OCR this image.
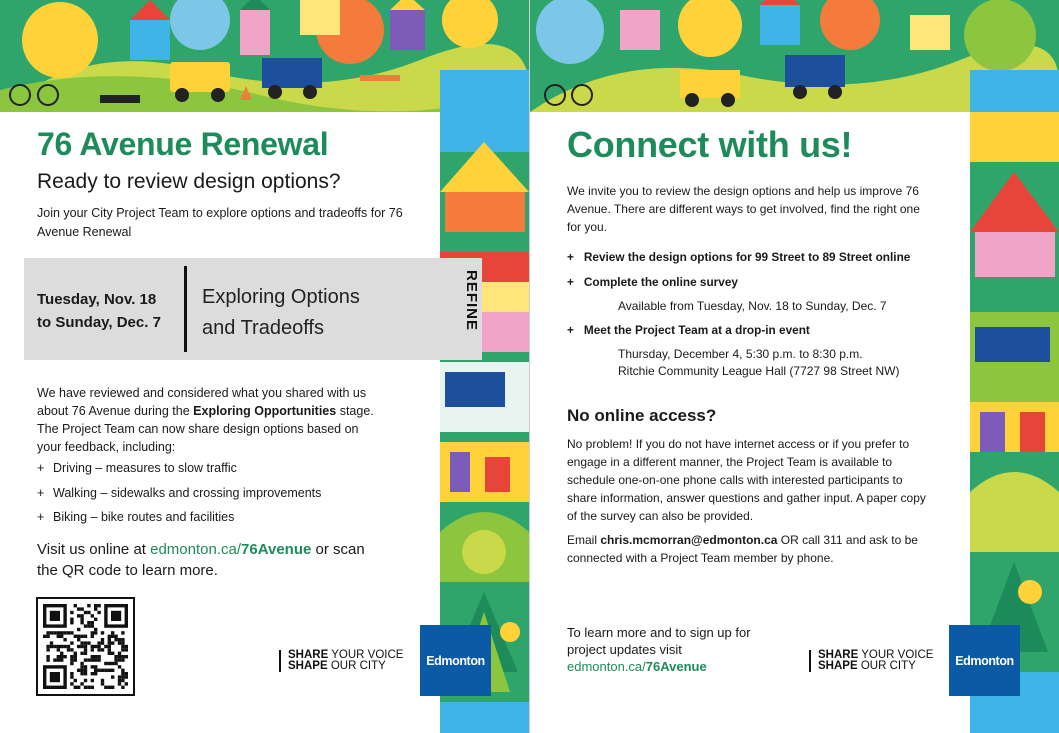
76 Avenue Renewal
Ready to review design options?
Join your City Project Team to explore options and tradeoffs for 76 Avenue Renewal
Tuesday, Nov. 18
to Sunday, Dec. 7
Exploring Options
and Tradeoffs	REFINE
We have reviewed and considered what you shared with us about 76 Avenue during the Exploring Opportunities stage. The Project Team can now share design options based on your feedback, including:
+ Driving – measures to slow traffic
+ Walking – sidewalks and crossing improvements
+ Biking – bike routes and facilities
Visit us online at edmonton.ca/76Avenue or scan the QR code to learn more.
SHARE YOUR VOICE
SHAPE OUR CITY	Edmonton
Connect with us!
We invite you to review the design options and help us improve 76 Avenue. There are different ways to get involved, find the right one for you.
+ Review the design options for 99 Street to 89 Street online
+ Complete the online survey
Available from Tuesday, Nov. 18 to Sunday, Dec. 7
+ Meet the Project Team at a drop-in event
Thursday, December 4, 5:30 p.m. to 8:30 p.m.
Ritchie Community League Hall (7727 98 Street NW)
No online access?
No problem! If you do not have internet access or if you prefer to engage in a different manner, the Project Team is available to schedule one-on-one phone calls with interested participants to share information, answer questions and gather input. A paper copy of the survey can also be provided.
Email chris.mcmorran@edmonton.ca OR call 311 and ask to be connected with a Project Team member by phone.
To learn more and to sign up for project updates visit
edmonton.ca/76Avenue
SHARE YOUR VOICE
SHAPE OUR CITY	Edmonton
